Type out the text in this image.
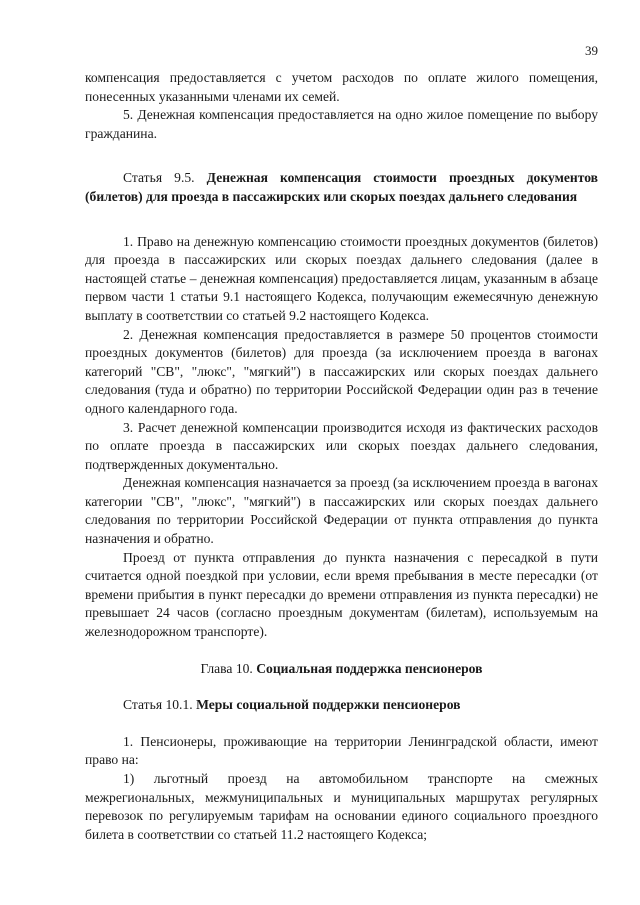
39

компенсация предоставляется с учетом расходов по оплате жилого помещения, понесенных указанными членами их семей.

5. Денежная компенсация предоставляется на одно жилое помещение по выбору гражданина.

Статья 9.5. Денежная компенсация стоимости проездных документов (билетов) для проезда в пассажирских или скорых поездах дальнего следования

1. Право на денежную компенсацию стоимости проездных документов (билетов) для проезда в пассажирских или скорых поездах дальнего следования (далее в настоящей статье – денежная компенсация) предоставляется лицам, указанным в абзаце первом части 1 статьи 9.1 настоящего Кодекса, получающим ежемесячную денежную выплату в соответствии со статьей 9.2 настоящего Кодекса.

2. Денежная компенсация предоставляется в размере 50 процентов стоимости проездных документов (билетов) для проезда (за исключением проезда в вагонах категорий "СВ", "люкс", "мягкий") в пассажирских или скорых поездах дальнего следования (туда и обратно) по территории Российской Федерации один раз в течение одного календарного года.

3. Расчет денежной компенсации производится исходя из фактических расходов по оплате проезда в пассажирских или скорых поездах дальнего следования, подтвержденных документально.

Денежная компенсация назначается за проезд (за исключением проезда в вагонах категории "СВ", "люкс", "мягкий") в пассажирских или скорых поездах дальнего следования по территории Российской Федерации от пункта отправления до пункта назначения и обратно.

Проезд от пункта отправления до пункта назначения с пересадкой в пути считается одной поездкой при условии, если время пребывания в месте пересадки (от времени прибытия в пункт пересадки до времени отправления из пункта пересадки) не превышает 24 часов (согласно проездным документам (билетам), используемым на железнодорожном транспорте).

Глава 10. Социальная поддержка пенсионеров

Статья 10.1. Меры социальной поддержки пенсионеров

1. Пенсионеры, проживающие на территории Ленинградской области, имеют право на:

1) льготный проезд на автомобильном транспорте на смежных межрегиональных, межмуниципальных и муниципальных маршрутах регулярных перевозок по регулируемым тарифам на основании единого социального проездного билета в соответствии со статьей 11.2 настоящего Кодекса;
